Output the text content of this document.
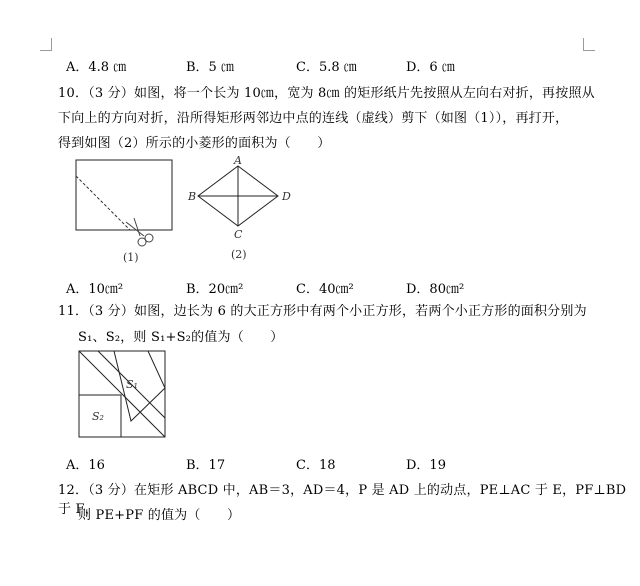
A．4.8 ㎝	B．5 ㎝	C．5.8 ㎝	D．6 ㎝
10．（3 分）如图，将一个长为 10㎝，宽为 8㎝ 的矩形纸片先按照从左向右对折，再按照从
下向上的方向对折，沿所得矩形两邻边中点的连线（虚线）剪下（如图（1）），再打开，
得到如图（2）所示的小菱形的面积为（　　）
(1)
A
B
C
D
(2)
A．10㎝²	B．20㎝²	C．40㎝²	D．80㎝²
11．（3 分）如图，边长为 6 的大正方形中有两个小正方形，若两个小正方形的面积分别为
S₁、S₂，则 S₁+S₂的值为（　　）
S₁
S₂
A．16	B．17	C．18	D．19
12．（3 分）在矩形 ABCD 中，AB＝3，AD＝4，P 是 AD 上的动点，PE⊥AC 于 E，PF⊥BD 于 F，
则 PE+PF 的值为（　　）
